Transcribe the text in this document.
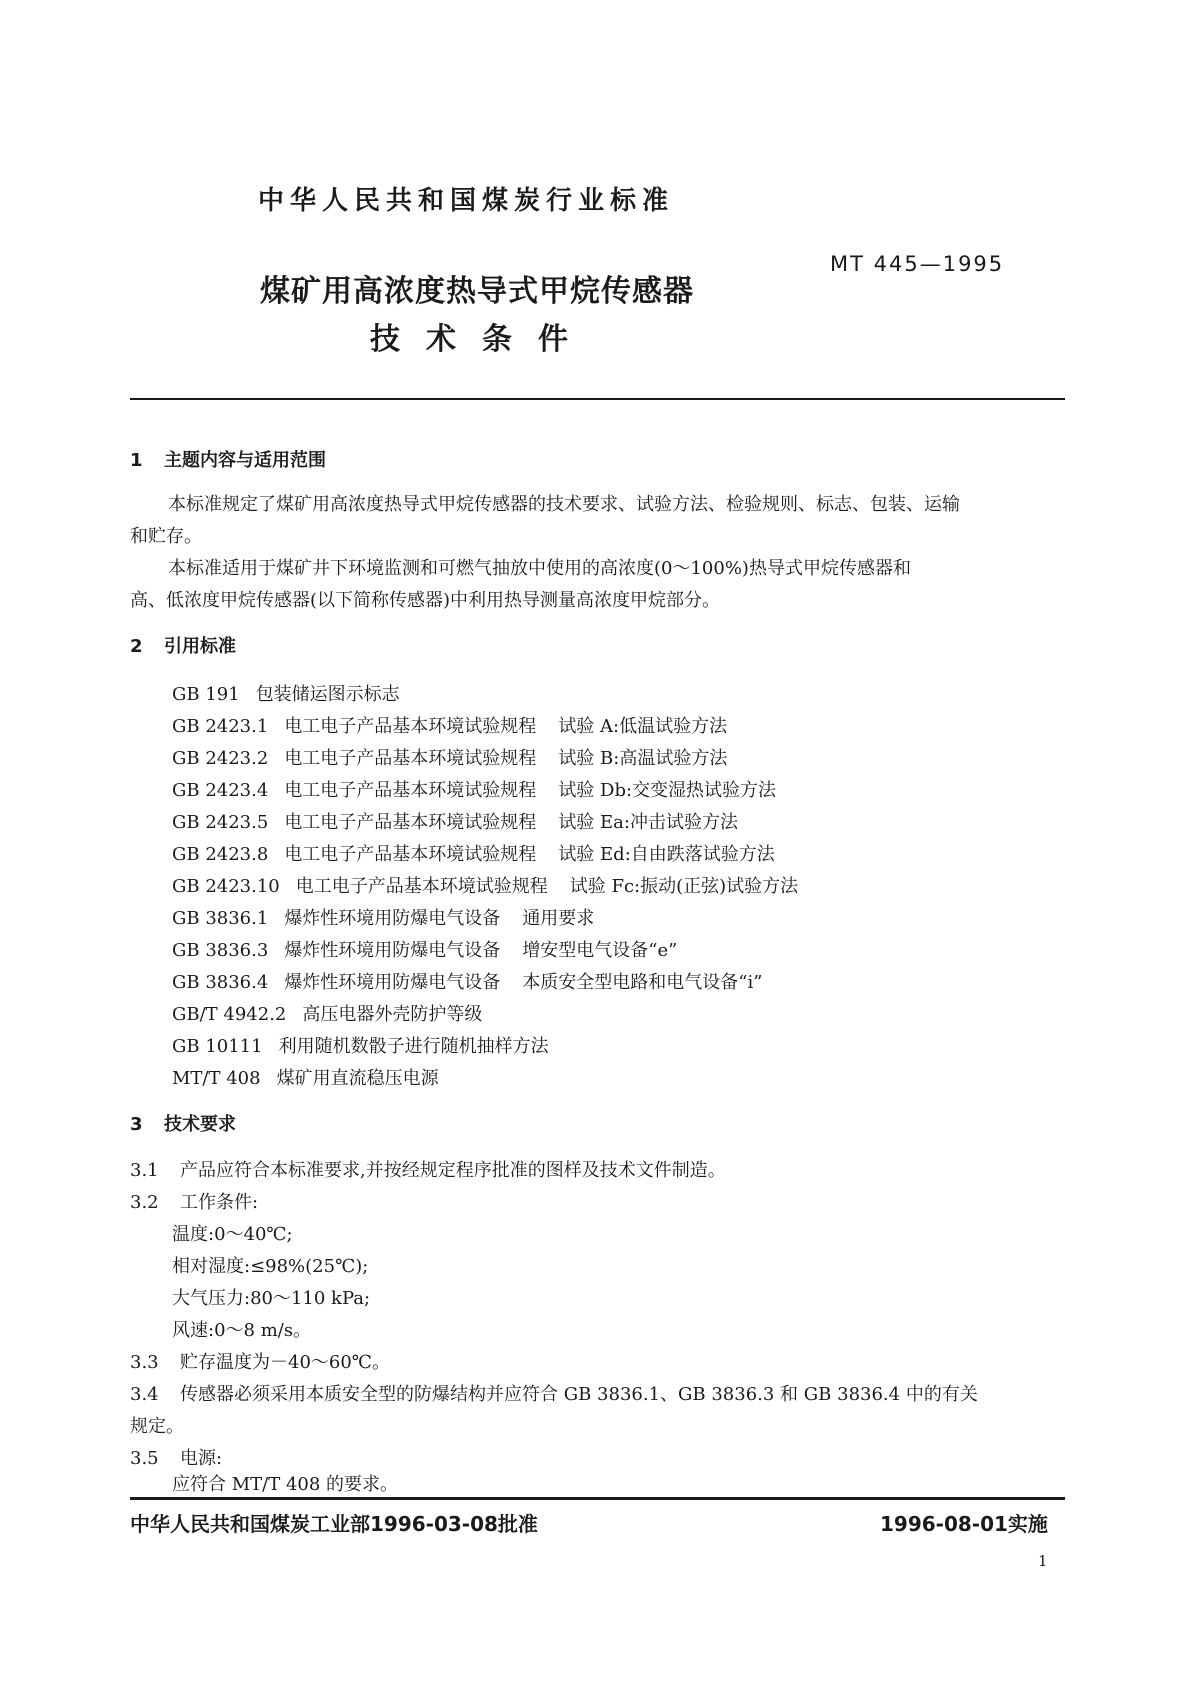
中华人民共和国煤炭行业标准
MT 445—1995
煤矿用高浓度热导式甲烷传感器
技术条件
1 主题内容与适用范围
本标准规定了煤矿用高浓度热导式甲烷传感器的技术要求、试验方法、检验规则、标志、包装、运输
和贮存。
本标准适用于煤矿井下环境监测和可燃气抽放中使用的高浓度(0～100%)热导式甲烷传感器和
高、低浓度甲烷传感器(以下简称传感器)中利用热导测量高浓度甲烷部分。
2 引用标准
GB 191 包装储运图示标志
GB 2423.1 电工电子产品基本环境试验规程 试验 A:低温试验方法
GB 2423.2 电工电子产品基本环境试验规程 试验 B:高温试验方法
GB 2423.4 电工电子产品基本环境试验规程 试验 Db:交变湿热试验方法
GB 2423.5 电工电子产品基本环境试验规程 试验 Ea:冲击试验方法
GB 2423.8 电工电子产品基本环境试验规程 试验 Ed:自由跌落试验方法
GB 2423.10 电工电子产品基本环境试验规程 试验 Fc:振动(正弦)试验方法
GB 3836.1 爆炸性环境用防爆电气设备 通用要求
GB 3836.3 爆炸性环境用防爆电气设备 增安型电气设备“e”
GB 3836.4 爆炸性环境用防爆电气设备 本质安全型电路和电气设备“i”
GB/T 4942.2 高压电器外壳防护等级
GB 10111 利用随机数骰子进行随机抽样方法
MT/T 408 煤矿用直流稳压电源
3 技术要求
3.1 产品应符合本标准要求,并按经规定程序批准的图样及技术文件制造。
3.2 工作条件:
温度:0～40℃;
相对湿度:≤98%(25℃);
大气压力:80～110 kPa;
风速:0～8 m/s。
3.3 贮存温度为－40～60℃。
3.4 传感器必须采用本质安全型的防爆结构并应符合 GB 3836.1、GB 3836.3 和 GB 3836.4 中的有关
规定。
3.5 电源:
应符合 MT/T 408 的要求。
中华人民共和国煤炭工业部1996-03-08批准	1996-08-01实施
1
